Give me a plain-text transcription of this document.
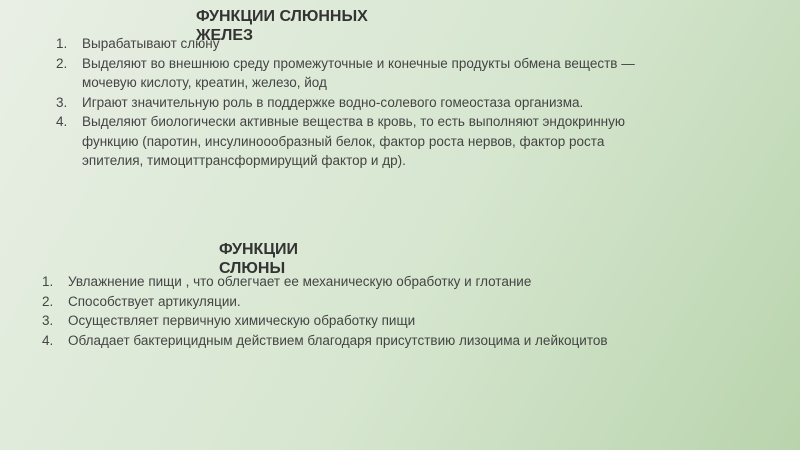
1. Вырабатывают слюну
2. Выделяют во внешнюю среду промежуточные и конечные продукты обмена веществ — мочевую кислоту, креатин, железо, йод
3. Играют значительную роль в поддержке водно-солевого гомеостаза организма.
4. Выделяют биологически активные вещества в кровь, то есть выполняют эндокринную функцию (паротин, инсулиноообразный белок, фактор роста нервов, фактор роста эпителия, тимоциттрансформирущий фактор и др).
ФУНКЦИИ СЛЮННЫХ ЖЕЛЕЗ
1. Увлажнение пищи , что облегчает ее механическую обработку и глотание
2. Способствует артикуляции.
3. Осуществляет первичную химическую обработку пищи
4. Обладает бактерицидным действием благодаря присутствию лизоцима и лейкоцитов
ФУНКЦИИ СЛЮНЫ
